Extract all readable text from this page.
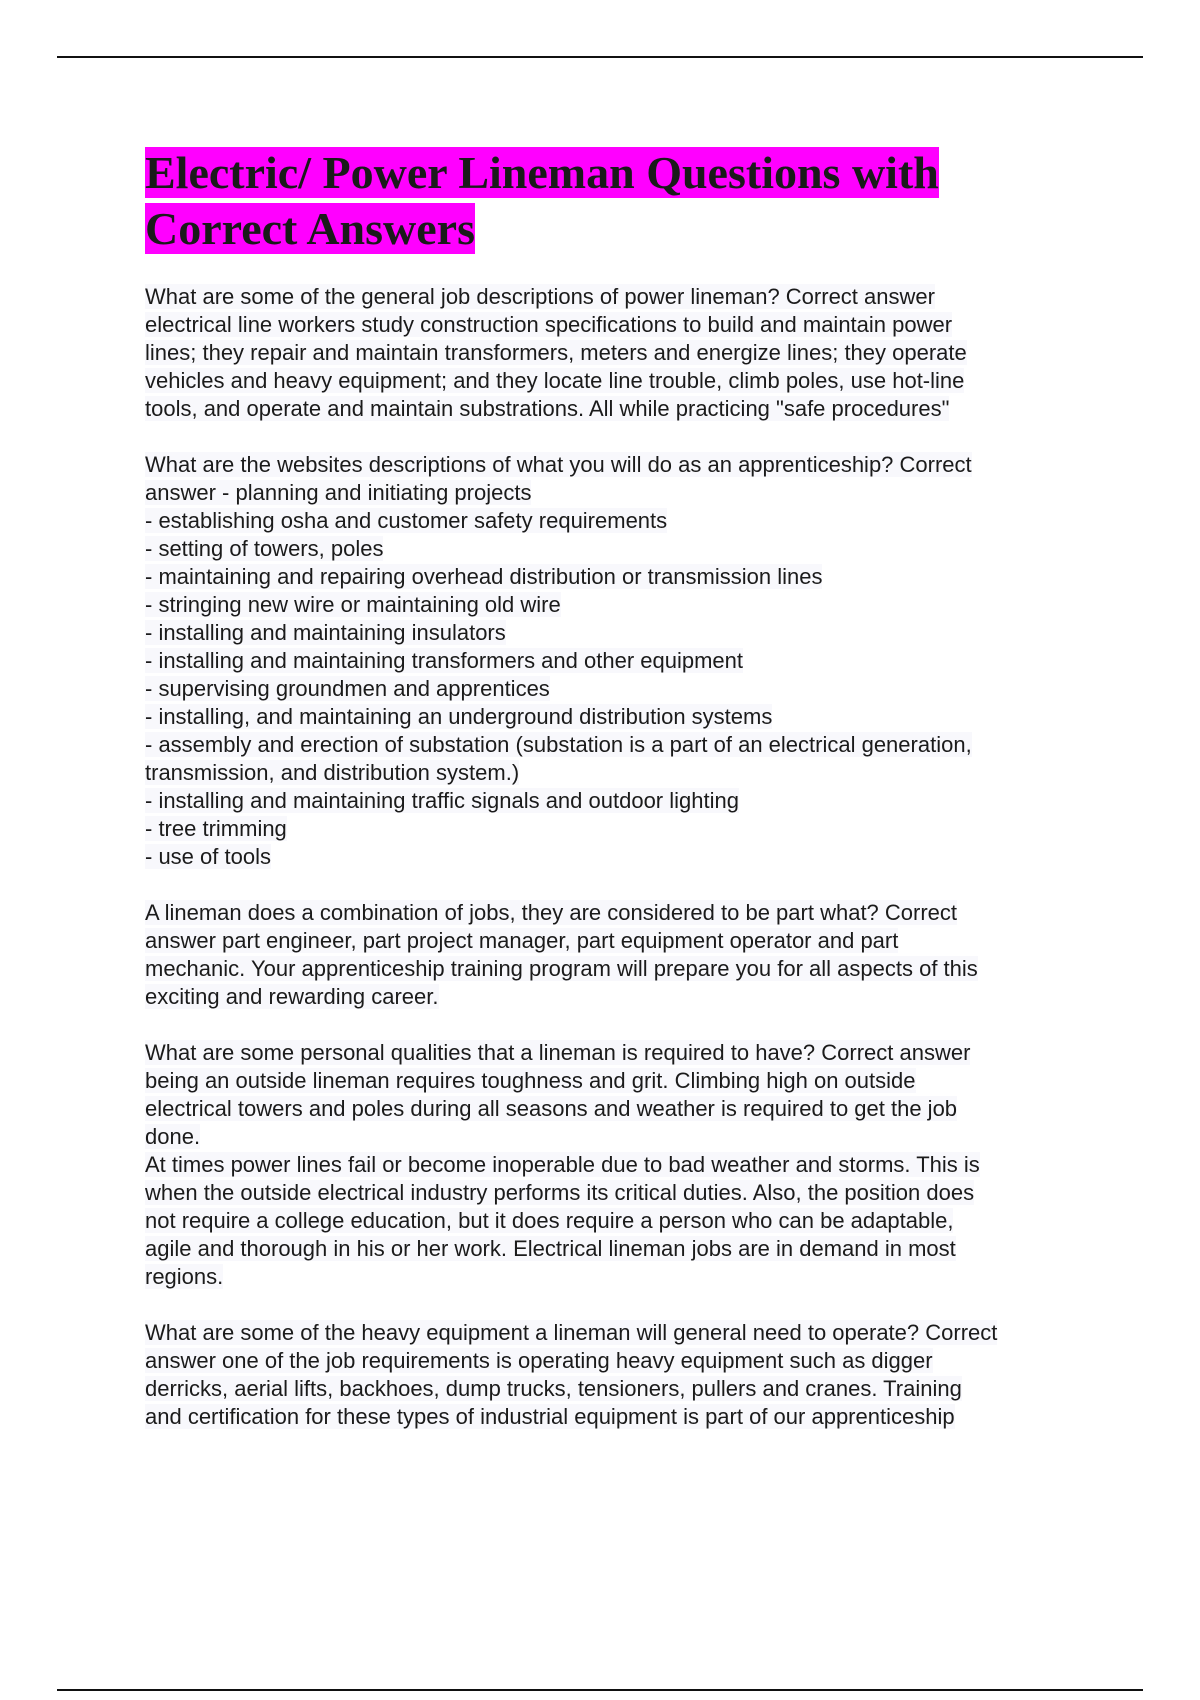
Electric/ Power Lineman Questions with
Correct Answers

What are some of the general job descriptions of power lineman? Correct answer
electrical line workers study construction specifications to build and maintain power
lines; they repair and maintain transformers, meters and energize lines; they operate
vehicles and heavy equipment; and they locate line trouble, climb poles, use hot-line
tools, and operate and maintain substrations. All while practicing "safe procedures"

What are the websites descriptions of what you will do as an apprenticeship? Correct
answer - planning and initiating projects
- establishing osha and customer safety requirements
- setting of towers, poles
- maintaining and repairing overhead distribution or transmission lines
- stringing new wire or maintaining old wire
- installing and maintaining insulators
- installing and maintaining transformers and other equipment
- supervising groundmen and apprentices
- installing, and maintaining an underground distribution systems
- assembly and erection of substation (substation is a part of an electrical generation,
transmission, and distribution system.)
- installing and maintaining traffic signals and outdoor lighting
- tree trimming
- use of tools

A lineman does a combination of jobs, they are considered to be part what? Correct
answer part engineer, part project manager, part equipment operator and part
mechanic. Your apprenticeship training program will prepare you for all aspects of this
exciting and rewarding career.

What are some personal qualities that a lineman is required to have? Correct answer
being an outside lineman requires toughness and grit. Climbing high on outside
electrical towers and poles during all seasons and weather is required to get the job
done.
At times power lines fail or become inoperable due to bad weather and storms. This is
when the outside electrical industry performs its critical duties. Also, the position does
not require a college education, but it does require a person who can be adaptable,
agile and thorough in his or her work. Electrical lineman jobs are in demand in most
regions.

What are some of the heavy equipment a lineman will general need to operate? Correct
answer one of the job requirements is operating heavy equipment such as digger
derricks, aerial lifts, backhoes, dump trucks, tensioners, pullers and cranes. Training
and certification for these types of industrial equipment is part of our apprenticeship
